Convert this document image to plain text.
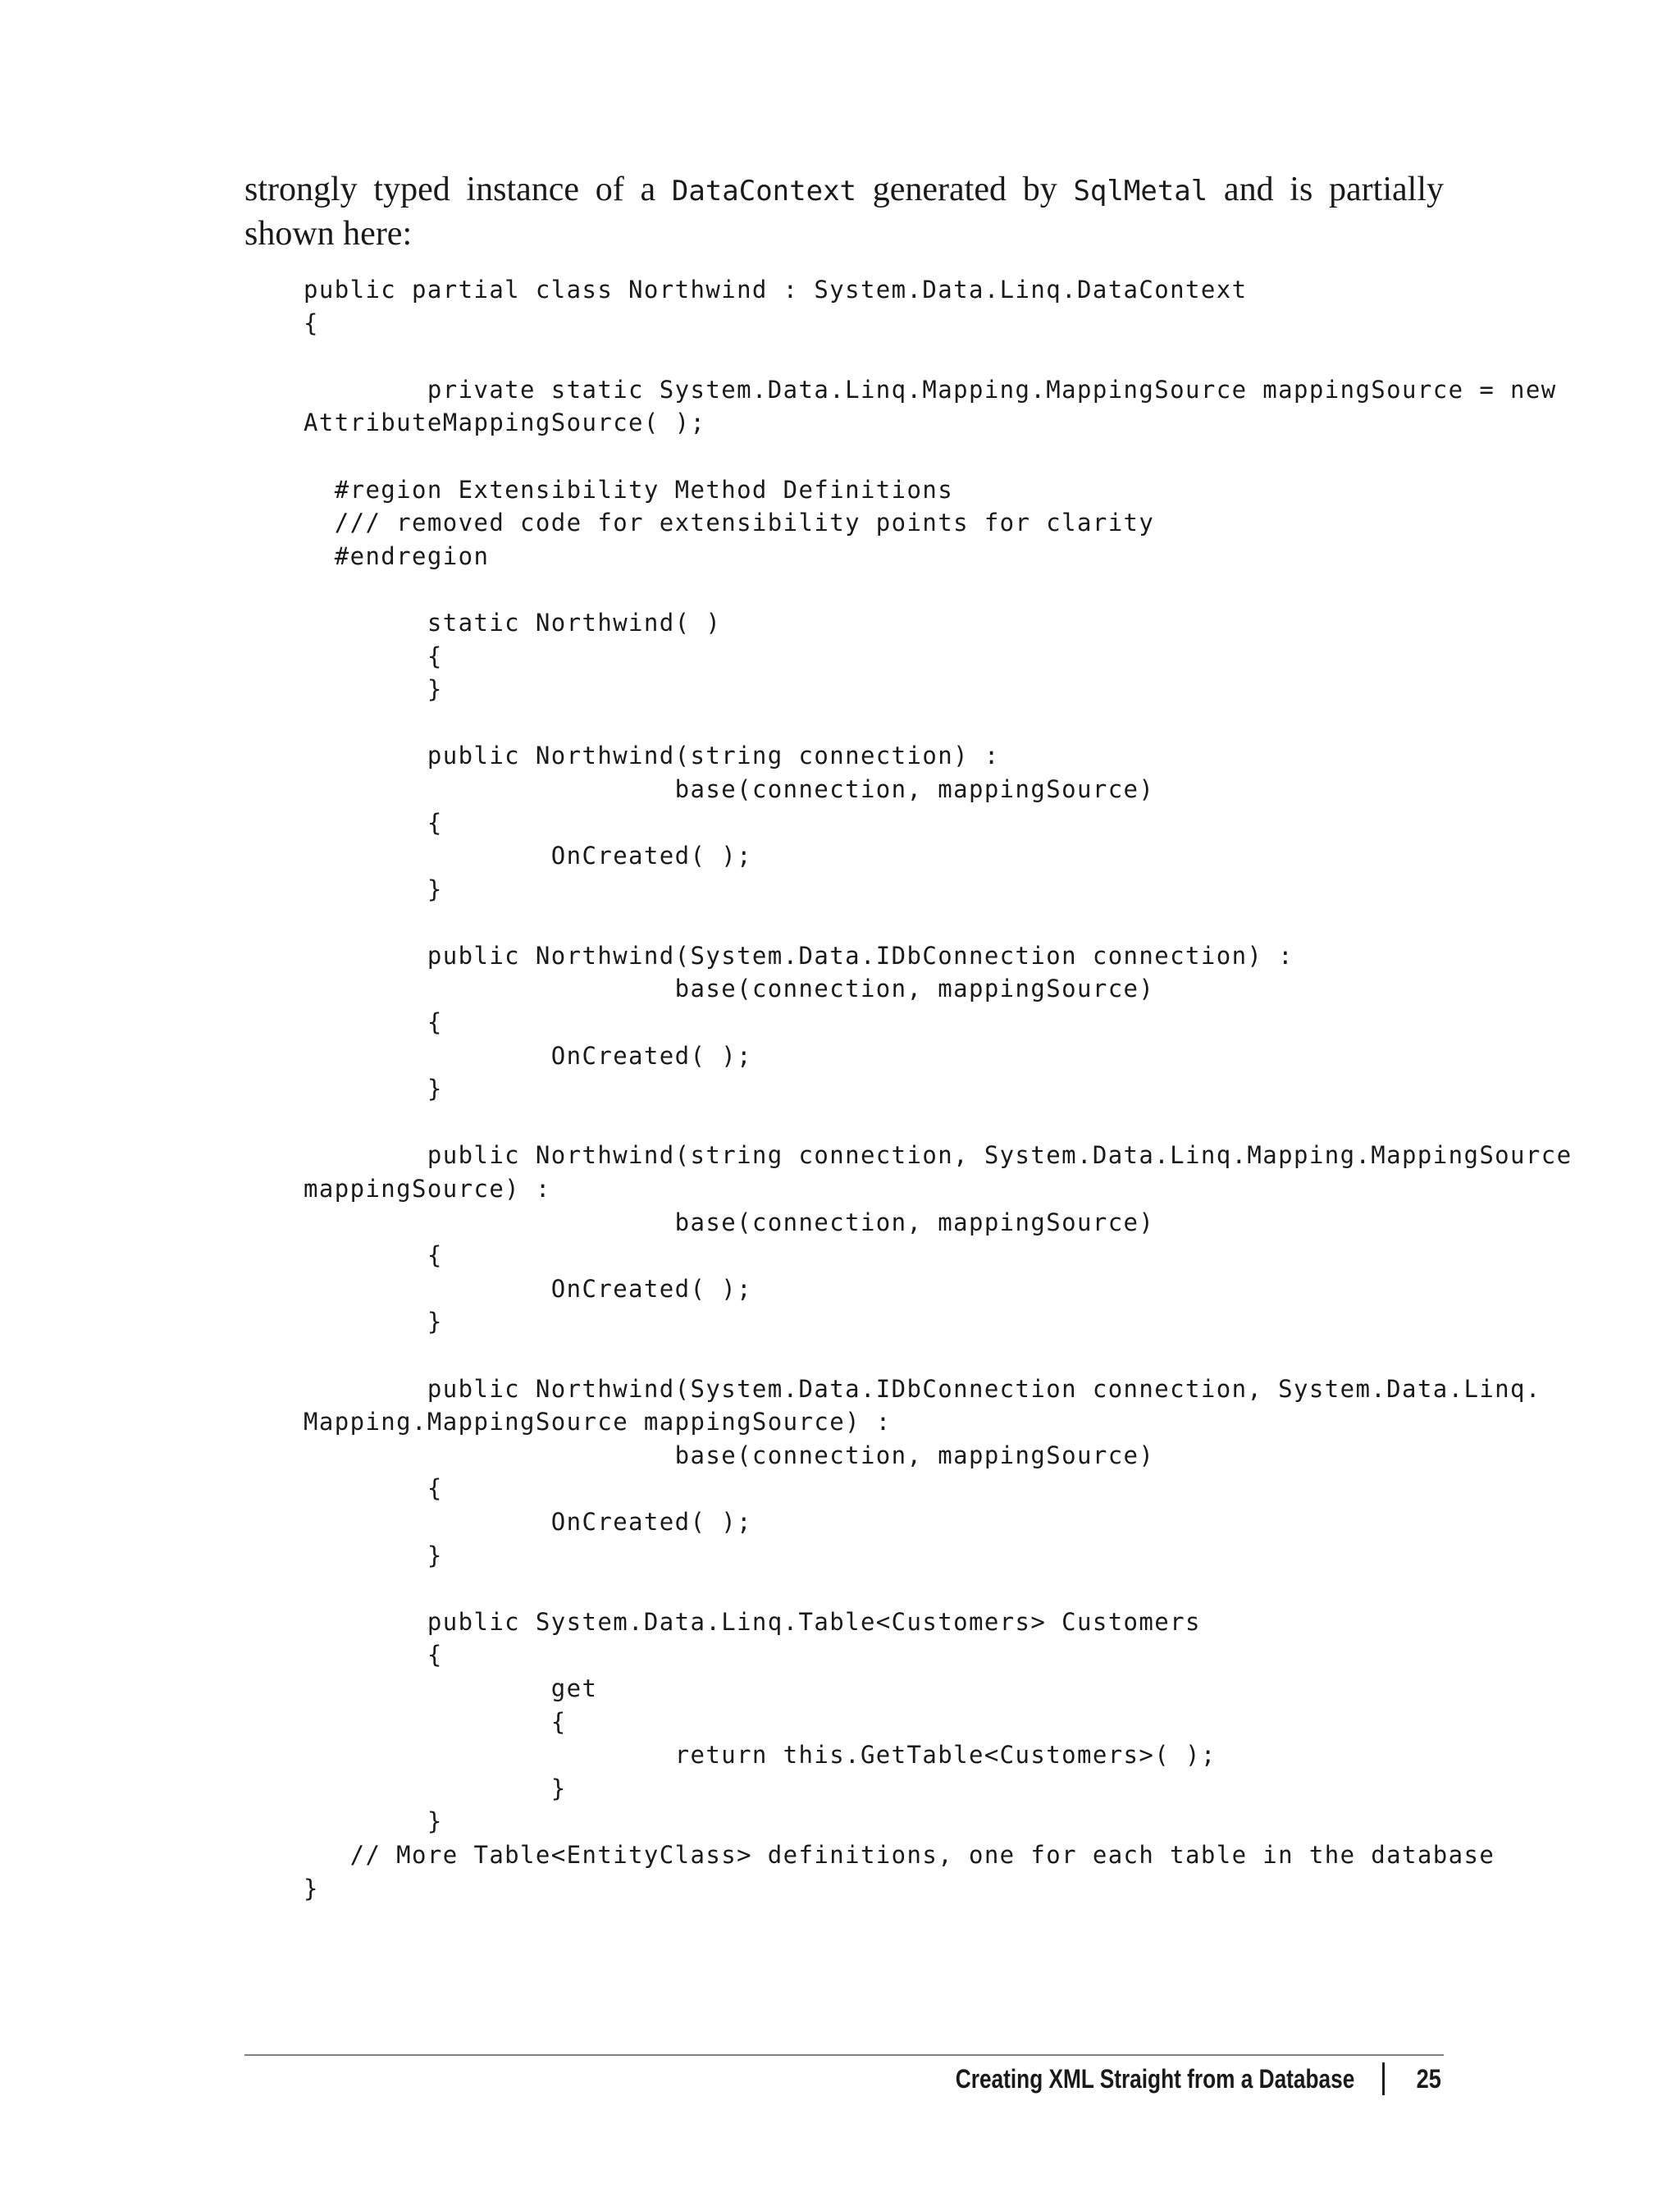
strongly typed instance of a DataContext generated by SqlMetal and is partially shown here:

public partial class Northwind : System.Data.Linq.DataContext
{
private static System.Data.Linq.Mapping.MappingSource mappingSource = new
AttributeMappingSource( );
#region Extensibility Method Definitions
/// removed code for extensibility points for clarity
#endregion
static Northwind( )
{
}
public Northwind(string connection) :
base(connection, mappingSource)
{
OnCreated( );
}
public Northwind(System.Data.IDbConnection connection) :
base(connection, mappingSource)
{
OnCreated( );
}
public Northwind(string connection, System.Data.Linq.Mapping.MappingSource
mappingSource) :
base(connection, mappingSource)
{
OnCreated( );
}
public Northwind(System.Data.IDbConnection connection, System.Data.Linq.
Mapping.MappingSource mappingSource) :
base(connection, mappingSource)
{
OnCreated( );
}
public System.Data.Linq.Table<Customers> Customers
{
get
{
return this.GetTable<Customers>( );
}
}
// More Table<EntityClass> definitions, one for each table in the database
}
Creating XML Straight from a Database 25
